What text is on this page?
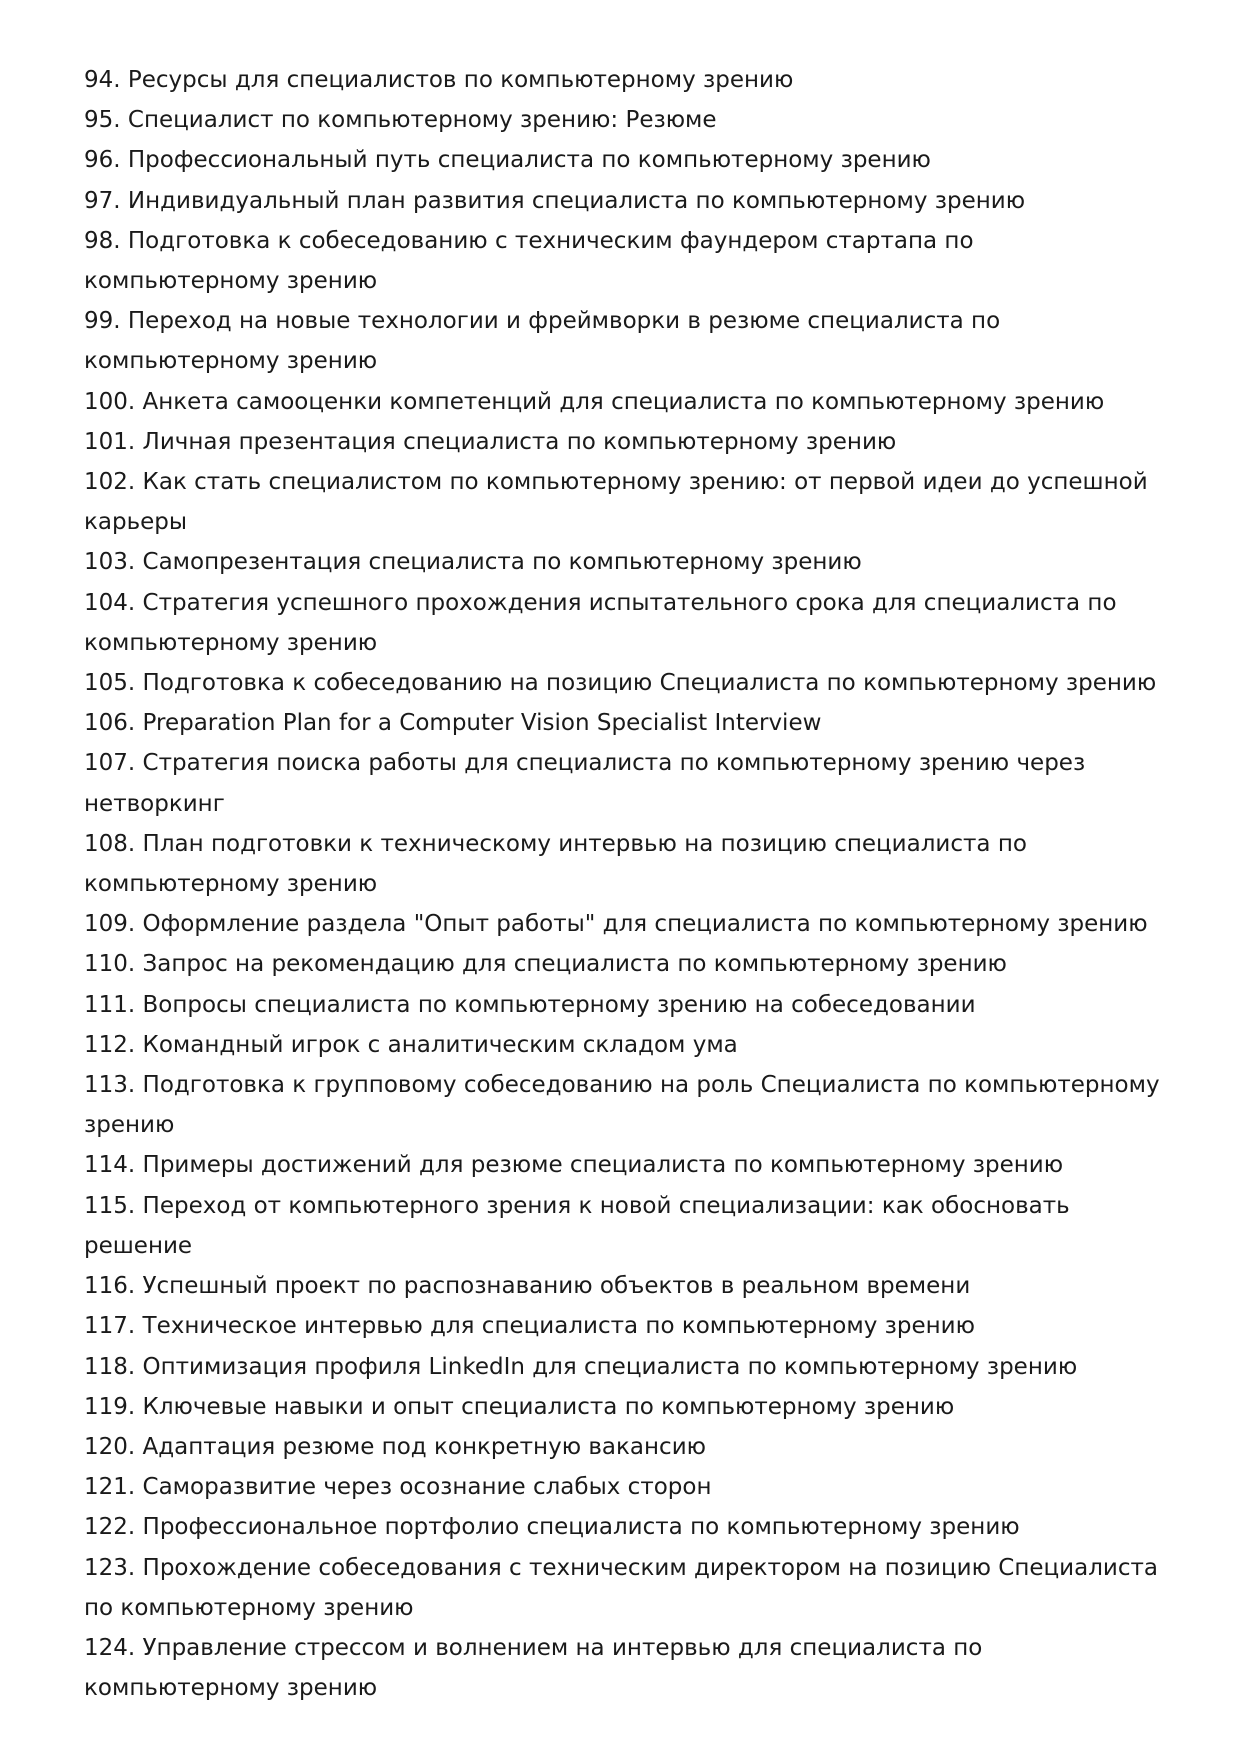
94. Ресурсы для специалистов по компьютерному зрению
95. Специалист по компьютерному зрению: Резюме
96. Профессиональный путь специалиста по компьютерному зрению
97. Индивидуальный план развития специалиста по компьютерному зрению
98. Подготовка к собеседованию с техническим фаундером стартапа по компьютерному зрению
99. Переход на новые технологии и фреймворки в резюме специалиста по компьютерному зрению
100. Анкета самооценки компетенций для специалиста по компьютерному зрению
101. Личная презентация специалиста по компьютерному зрению
102. Как стать специалистом по компьютерному зрению: от первой идеи до успешной карьеры
103. Самопрезентация специалиста по компьютерному зрению
104. Стратегия успешного прохождения испытательного срока для специалиста по компьютерному зрению
105. Подготовка к собеседованию на позицию Специалиста по компьютерному зрению
106. Preparation Plan for a Computer Vision Specialist Interview
107. Стратегия поиска работы для специалиста по компьютерному зрению через нетворкинг
108. План подготовки к техническому интервью на позицию специалиста по компьютерному зрению
109. Оформление раздела "Опыт работы" для специалиста по компьютерному зрению
110. Запрос на рекомендацию для специалиста по компьютерному зрению
111. Вопросы специалиста по компьютерному зрению на собеседовании
112. Командный игрок с аналитическим складом ума
113. Подготовка к групповому собеседованию на роль Специалиста по компьютерному зрению
114. Примеры достижений для резюме специалиста по компьютерному зрению
115. Переход от компьютерного зрения к новой специализации: как обосновать решение
116. Успешный проект по распознаванию объектов в реальном времени
117. Техническое интервью для специалиста по компьютерному зрению
118. Оптимизация профиля LinkedIn для специалиста по компьютерному зрению
119. Ключевые навыки и опыт специалиста по компьютерному зрению
120. Адаптация резюме под конкретную вакансию
121. Саморазвитие через осознание слабых сторон
122. Профессиональное портфолио специалиста по компьютерному зрению
123. Прохождение собеседования с техническим директором на позицию Специалиста по компьютерному зрению
124. Управление стрессом и волнением на интервью для специалиста по компьютерному зрению
